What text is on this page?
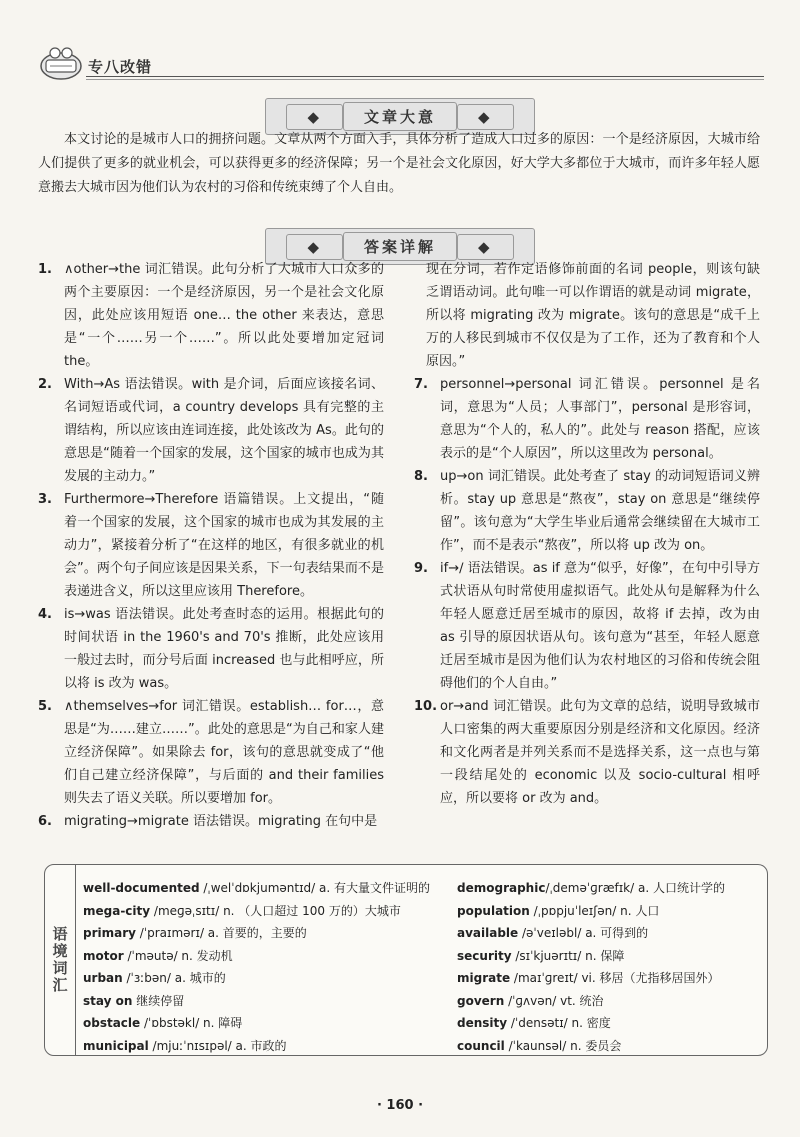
专八改错
◆	文章大意	◆
本文讨论的是城市人口的拥挤问题。文章从两个方面入手，具体分析了造成人口过多的原因：一个是经济原因，大城市给人们提供了更多的就业机会，可以获得更多的经济保障；另一个是社会文化原因，好大学大多都位于大城市，而许多年轻人愿意搬去大城市因为他们认为农村的习俗和传统束缚了个人自由。
◆	答案详解	◆
1. ∧other→the 词汇错误。此句分析了大城市人口众多的两个主要原因：一个是经济原因，另一个是社会文化原因，此处应该用短语 one… the other 来表达，意思是“一个……另一个……”。所以此处要增加定冠词 the。
2. With→As 语法错误。with 是介词，后面应该接名词、名词短语或代词，a country develops 具有完整的主谓结构，所以应该由连词连接，此处该改为 As。此句的意思是“随着一个国家的发展，这个国家的城市也成为其发展的主动力。”
3. Furthermore→Therefore 语篇错误。上文提出，“随着一个国家的发展，这个国家的城市也成为其发展的主动力”，紧接着分析了“在这样的地区，有很多就业的机会”。两个句子间应该是因果关系，下一句表结果而不是表递进含义，所以这里应该用 Therefore。
4. is→was 语法错误。此处考查时态的运用。根据此句的时间状语 in the 1960's and 70's 推断，此处应该用一般过去时，而分号后面 increased 也与此相呼应，所以将 is 改为 was。
5. ∧themselves→for 词汇错误。establish… for…，意思是“为……建立……”。此处的意思是“为自己和家人建立经济保障”。如果除去 for，该句的意思就变成了“他们自己建立经济保障”，与后面的 and their families 则失去了语义关联。所以要增加 for。
6. migrating→migrate 语法错误。migrating 在句中是
现在分词，若作定语修饰前面的名词 people，则该句缺乏谓语动词。此句唯一可以作谓语的就是动词 migrate，所以将 migrating 改为 migrate。该句的意思是“成千上万的人移民到城市不仅仅是为了工作，还为了教育和个人原因。”
7. personnel→personal 词汇错误。personnel 是名词，意思为“人员；人事部门”，personal 是形容词，意思为“个人的，私人的”。此处与 reason 搭配，应该表示的是“个人原因”，所以这里改为 personal。
8. up→on 词汇错误。此处考查了 stay 的动词短语词义辨析。stay up 意思是“熬夜”，stay on 意思是“继续停留”。该句意为“大学生毕业后通常会继续留在大城市工作”，而不是表示“熬夜”，所以将 up 改为 on。
9. if→∕ 语法错误。as if 意为“似乎，好像”，在句中引导方式状语从句时常使用虚拟语气。此处从句是解释为什么年轻人愿意迁居至城市的原因，故将 if 去掉，改为由 as 引导的原因状语从句。该句意为“甚至，年轻人愿意迁居至城市是因为他们认为农村地区的习俗和传统会阻碍他们的个人自由。”
10. or→and 词汇错误。此句为文章的总结，说明导致城市人口密集的两大重要原因分别是经济和文化原因。经济和文化两者是并列关系而不是选择关系，这一点也与第一段结尾处的 economic 以及 socio-cultural 相呼应，所以要将 or 改为 and。
语境词汇
well-documented /ˌwelˈdɒkjuməntɪd/ a. 有大量文件证明的
mega-city /meɡəˌsɪtɪ/ n. （人口超过 100 万的）大城市
primary /ˈpraɪmərɪ/ a. 首要的，主要的
motor /ˈməutə/ n. 发动机
urban /ˈɜːbən/ a. 城市的
stay on 继续停留
obstacle /ˈɒbstəkl/ n. 障碍
municipal /mjuːˈnɪsɪpəl/ a. 市政的
demographic/ˌdeməˈɡræfɪk/ a. 人口统计学的
population /ˌpɒpjuˈleɪʃən/ n. 人口
available /əˈveɪləbl/ a. 可得到的
security /sɪˈkjuərɪtɪ/ n. 保障
migrate /maɪˈɡreɪt/ vi. 移居（尤指移居国外）
govern /ˈɡʌvən/ vt. 统治
density /ˈdensətɪ/ n. 密度
council /ˈkaunsəl/ n. 委员会
· 160 ·
